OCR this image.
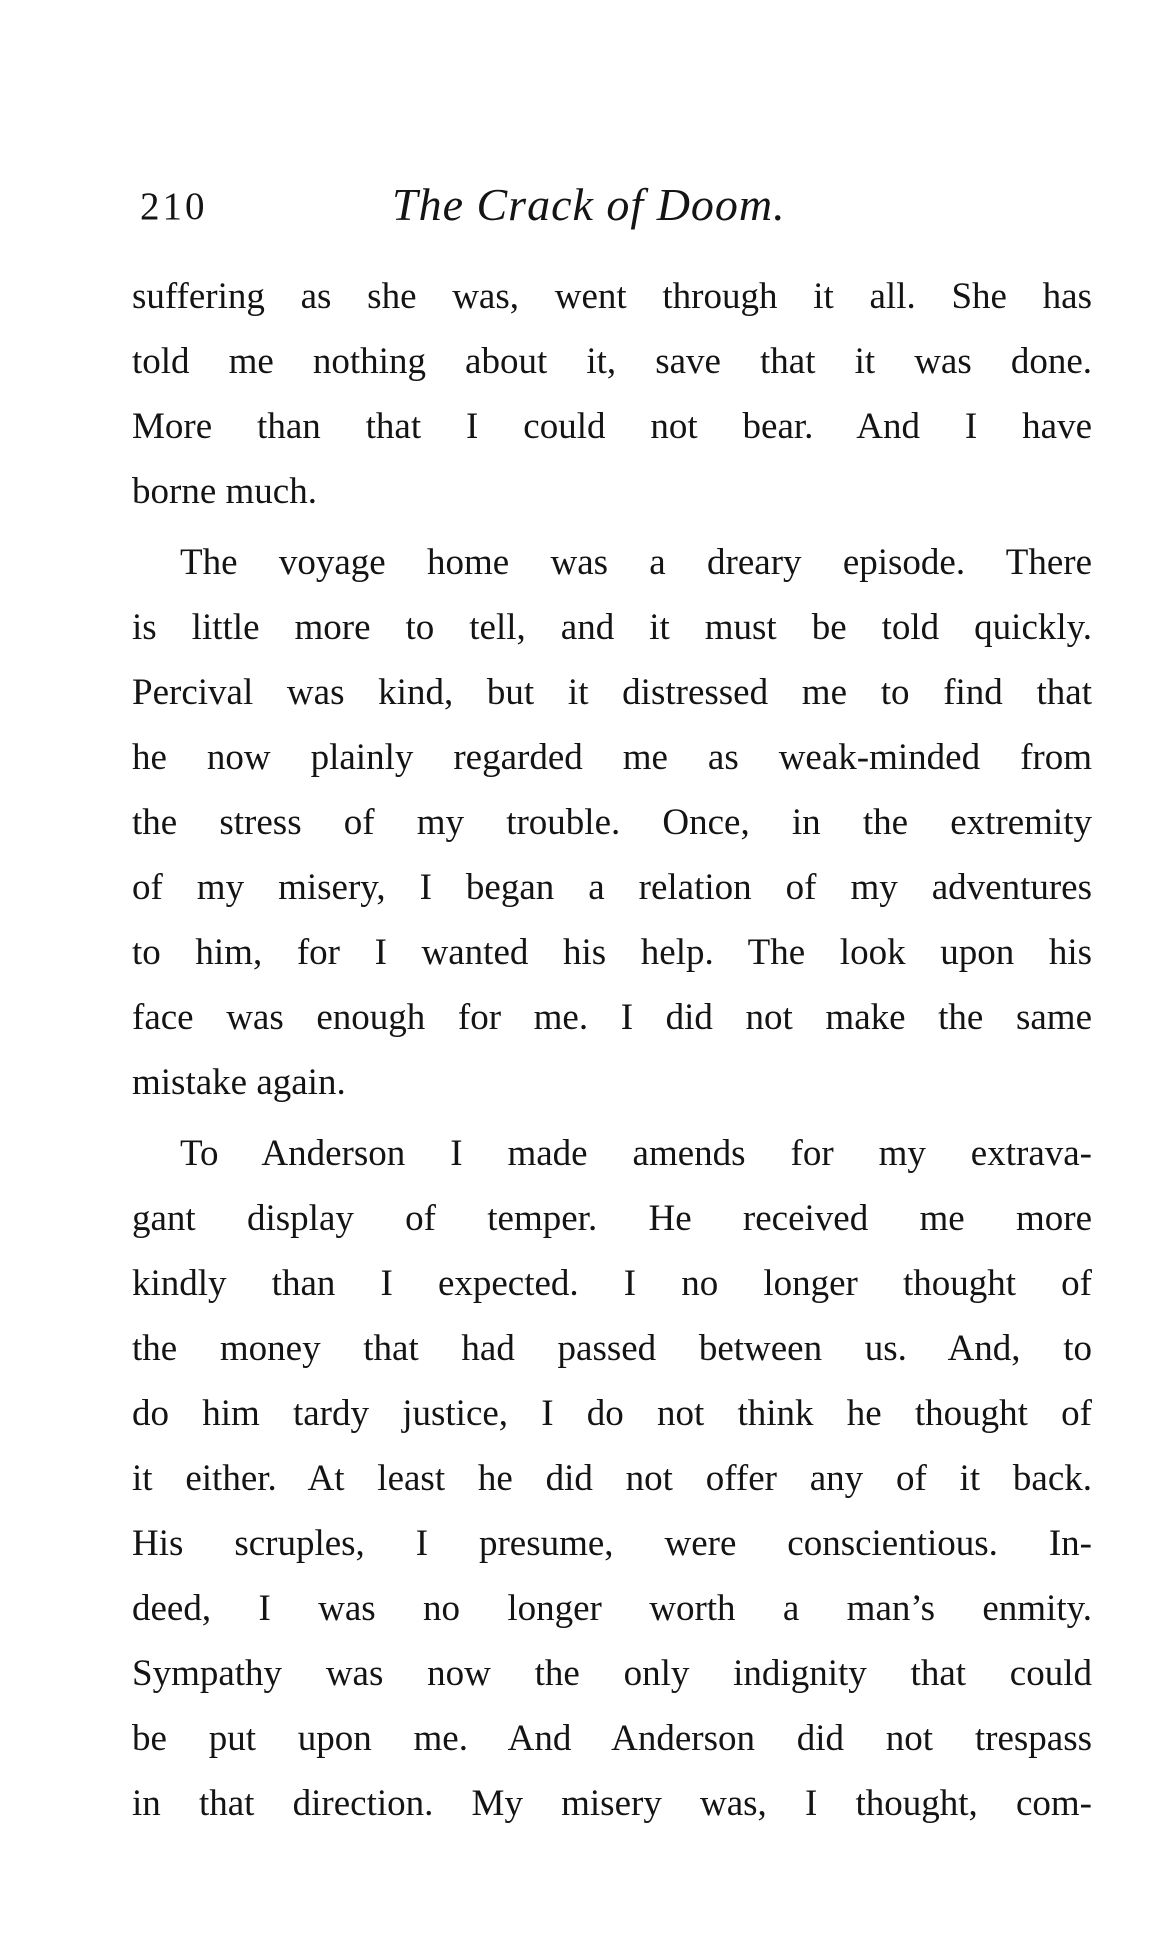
210	The Crack of Doom.
suffering as she was, went through it all. She has
told me nothing about it, save that it was done.
More than that I could not bear. And I have
borne much.
The voyage home was a dreary episode. There
is little more to tell, and it must be told quickly.
Percival was kind, but it distressed me to find that
he now plainly regarded me as weak-minded from
the stress of my trouble. Once, in the extremity
of my misery, I began a relation of my adventures
to him, for I wanted his help. The look upon his
face was enough for me. I did not make the same
mistake again.
To Anderson I made amends for my extrava-
gant display of temper. He received me more
kindly than I expected. I no longer thought of
the money that had passed between us. And, to
do him tardy justice, I do not think he thought of
it either. At least he did not offer any of it back.
His scruples, I presume, were conscientious. In-
deed, I was no longer worth a man’s enmity.
Sympathy was now the only indignity that could
be put upon me. And Anderson did not trespass
in that direction. My misery was, I thought, com-
